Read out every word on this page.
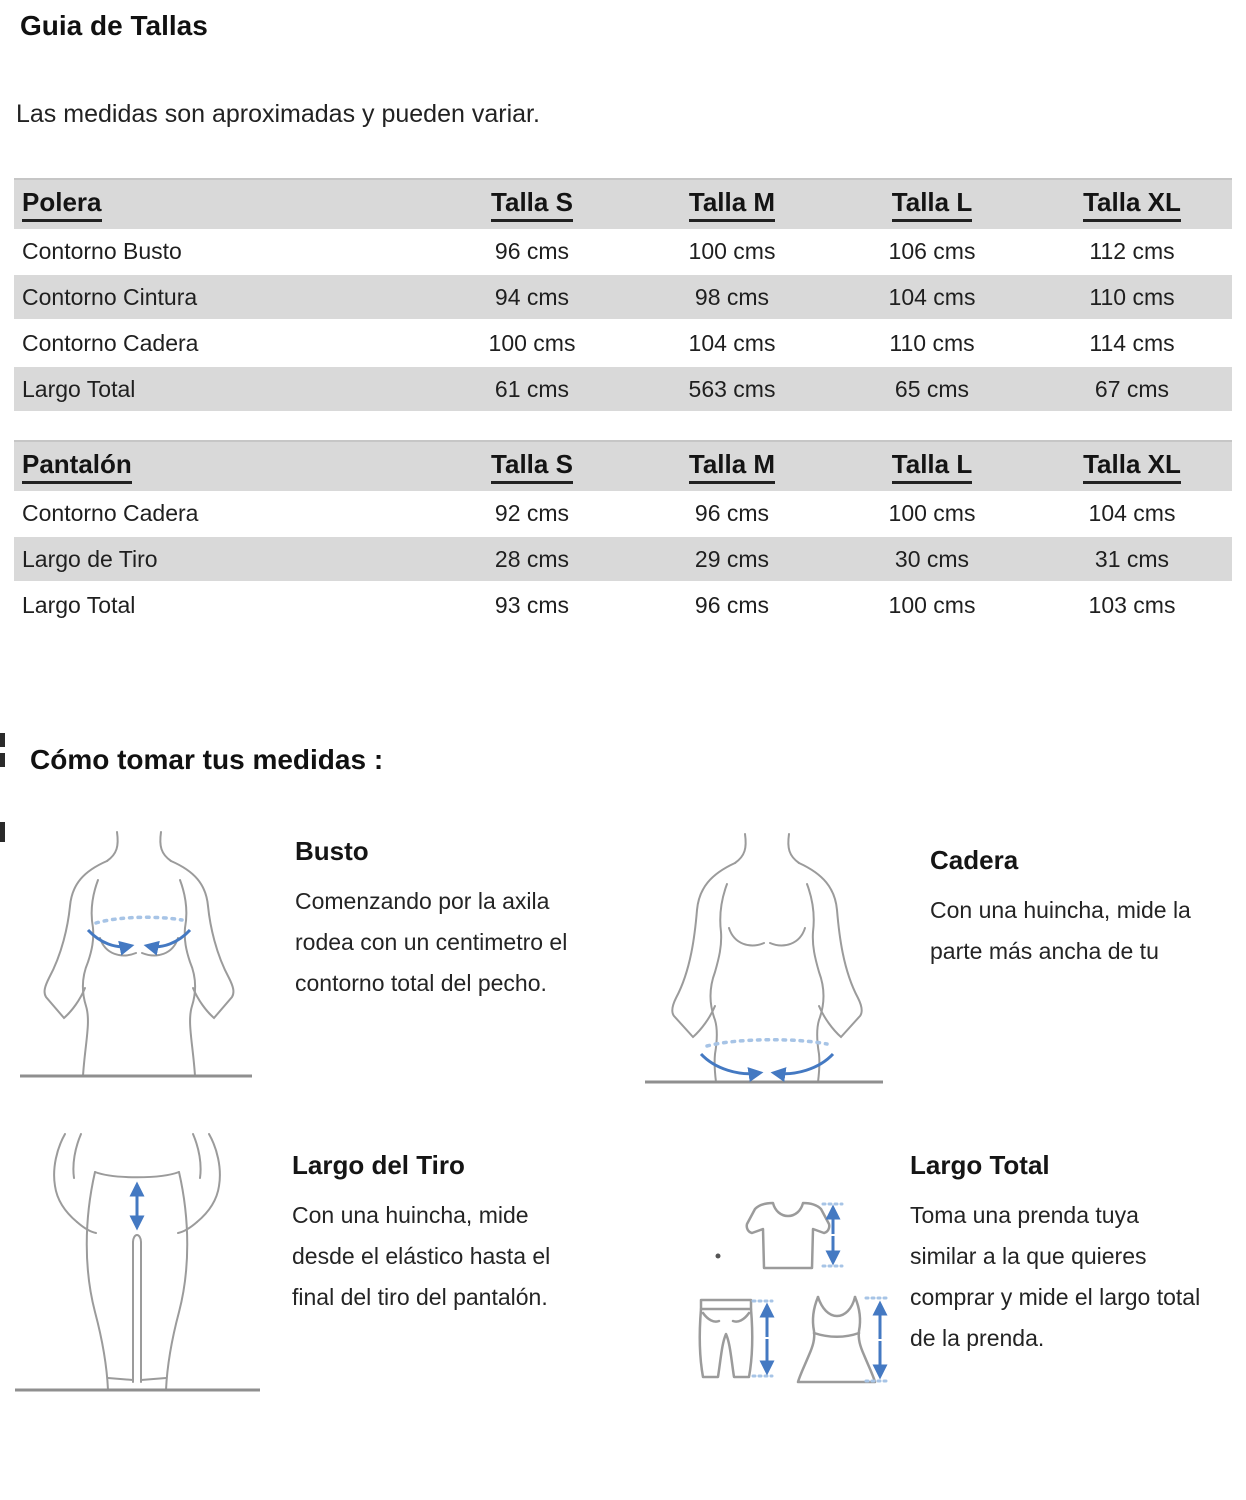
Guia de Tallas
Las medidas son aproximadas y pueden variar.
Polera	Talla S	Talla M	Talla L	Talla XL
Contorno Busto	96 cms	100 cms	106 cms	112 cms
Contorno Cintura	94 cms	98 cms	104 cms	110 cms
Contorno Cadera	100 cms	104 cms	110 cms	114 cms
Largo Total	61 cms	563 cms	65 cms	67 cms
Pantalón	Talla S	Talla M	Talla L	Talla XL
Contorno Cadera	92 cms	96 cms	100 cms	104 cms
Largo de Tiro	28 cms	29 cms	30 cms	31 cms
Largo Total	93 cms	96 cms	100 cms	103 cms
Cómo tomar tus medidas :
Busto
Comenzando por la axila
rodea con un centimetro el
contorno total del pecho.
Cadera
Con una huincha, mide la
parte más ancha de tu
Largo del Tiro
Con una huincha, mide
desde el elástico hasta el
final del tiro del pantalón.
Largo Total
Toma una prenda tuya
similar a la que quieres
comprar y mide el largo total
de la prenda.
